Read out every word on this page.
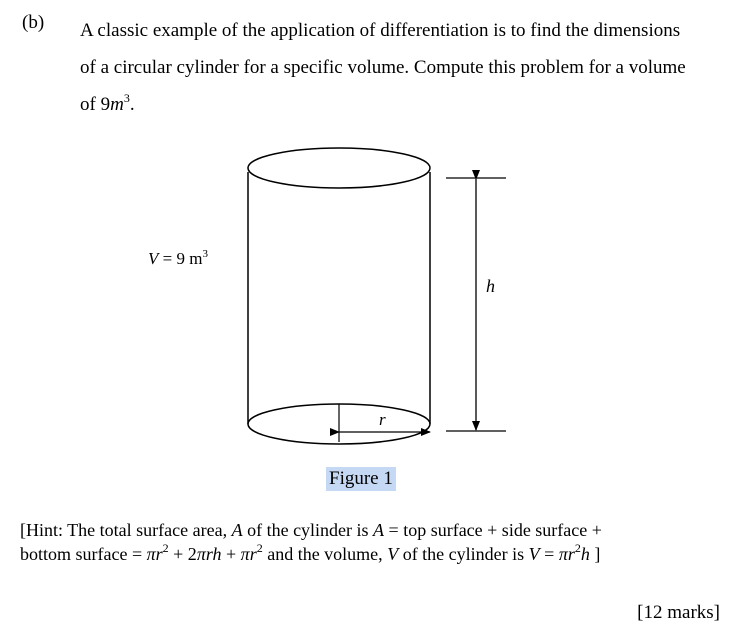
(b) A classic example of the application of differentiation is to find the dimensions
of a circular cylinder for a specific volume. Compute this problem for a volume
of $9m^3$.
V = 9 $m^3$
h
r
Figure 1
[Hint: The total surface area, A of the cylinder is A = top surface + side surface +
bottom surface = $\pi r^2 + 2\pi rh + \pi r^2$ and the volume, V of the cylinder is $V = \pi r^2h$ ]
[12 marks]
